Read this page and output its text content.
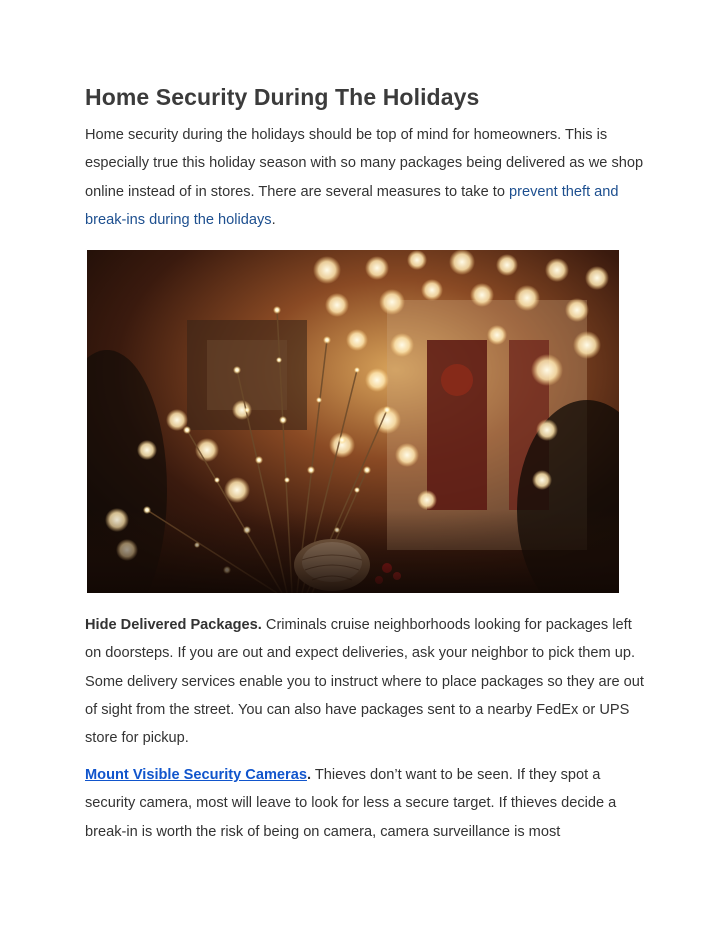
Home Security During The Holidays

Home security during the holidays should be top of mind for homeowners. This is especially true this holiday season with so many packages being delivered as we shop online instead of in stores. There are several measures to take to prevent theft and break-ins during the holidays.

Hide Delivered Packages. Criminals cruise neighborhoods looking for packages left on doorsteps. If you are out and expect deliveries, ask your neighbor to pick them up. Some delivery services enable you to instruct where to place packages so they are out of sight from the street. You can also have packages sent to a nearby FedEx or UPS store for pickup.

Mount Visible Security Cameras. Thieves don’t want to be seen. If they spot a security camera, most will leave to look for less a secure target. If thieves decide a break-in is worth the risk of being on camera, camera surveillance is most
